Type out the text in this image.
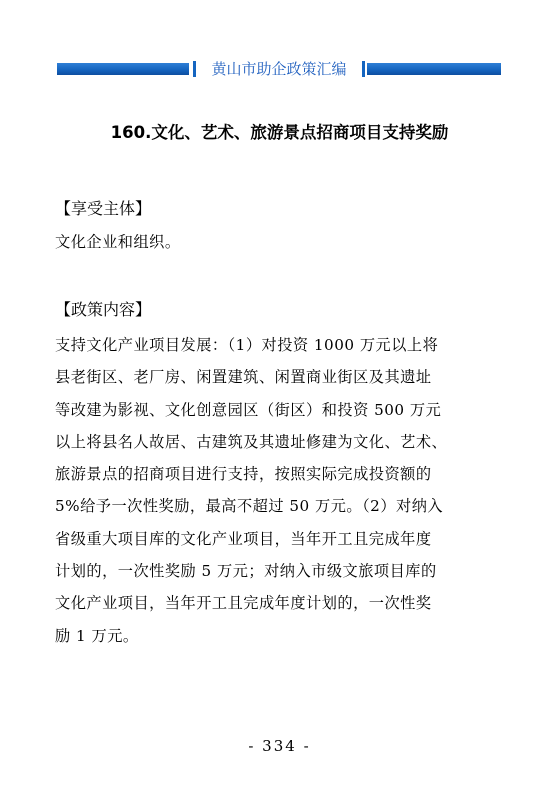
黄山市助企政策汇编
160.文化、艺术、旅游景点招商项目支持奖励
【享受主体】
文化企业和组织。
【政策内容】
支持文化产业项目发展：（1）对投资 1000 万元以上将
县老街区、老厂房、闲置建筑、闲置商业街区及其遗址
等改建为影视、文化创意园区（街区）和投资 500 万元
以上将县名人故居、古建筑及其遗址修建为文化、艺术、
旅游景点的招商项目进行支持，按照实际完成投资额的
5%给予一次性奖励，最高不超过 50 万元。（2）对纳入
省级重大项目库的文化产业项目，当年开工且完成年度
计划的，一次性奖励 5 万元；对纳入市级文旅项目库的
文化产业项目，当年开工且完成年度计划的，一次性奖
励 1 万元。
- 334 -
